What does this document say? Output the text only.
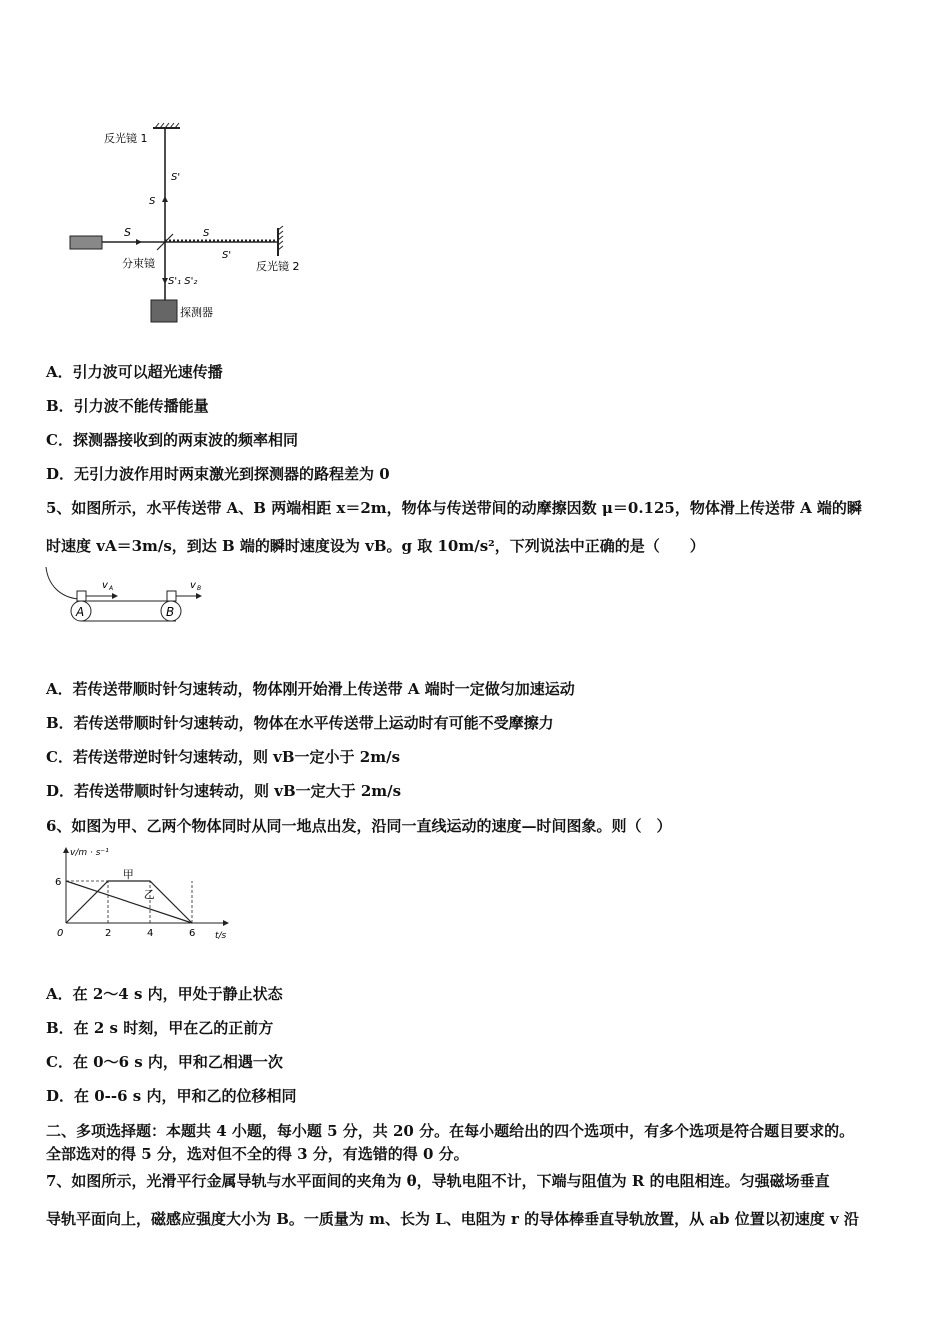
反光镜 1
反光镜 2
分束镜
探测器
S
S'
S
S
S'
S'₁ S'₂
A．引力波可以超光速传播
B．引力波不能传播能量
C．探测器接收到的两束波的频率相同
D．无引力波作用时两束激光到探测器的路程差为 0
5、如图所示，水平传送带 A、B 两端相距 x＝2m，物体与传送带间的动摩擦因数 μ＝0.125，物体滑上传送带 A 端的瞬
时速度 vA＝3m/s，到达 B 端的瞬时速度设为 vB。g 取 10m/s²，下列说法中正确的是（　　）
A	B
v A	v B
A．若传送带顺时针匀速转动，物体刚开始滑上传送带 A 端时一定做匀加速运动
B．若传送带顺时针匀速转动，物体在水平传送带上运动时有可能不受摩擦力
C．若传送带逆时针匀速转动，则 vB一定小于 2m/s
D．若传送带顺时针匀速转动，则 vB一定大于 2m/s
6、如图为甲、乙两个物体同时从同一地点出发，沿同一直线运动的速度—时间图象。则（　）
v/m · s⁻¹
t/s
0	2	4	6
6
甲
乙
A．在 2～4 s 内，甲处于静止状态
B．在 2 s 时刻，甲在乙的正前方
C．在 0～6 s 内，甲和乙相遇一次
D．在 0--6 s 内，甲和乙的位移相同
二、多项选择题：本题共 4 小题，每小题 5 分，共 20 分。在每小题给出的四个选项中，有多个选项是符合题目要求的。
全部选对的得 5 分，选对但不全的得 3 分，有选错的得 0 分。
7、如图所示，光滑平行金属导轨与水平面间的夹角为 θ，导轨电阻不计，下端与阻值为 R 的电阻相连。匀强磁场垂直
导轨平面向上，磁感应强度大小为 B。一质量为 m、长为 L、电阻为 r 的导体棒垂直导轨放置，从 ab 位置以初速度 v 沿
